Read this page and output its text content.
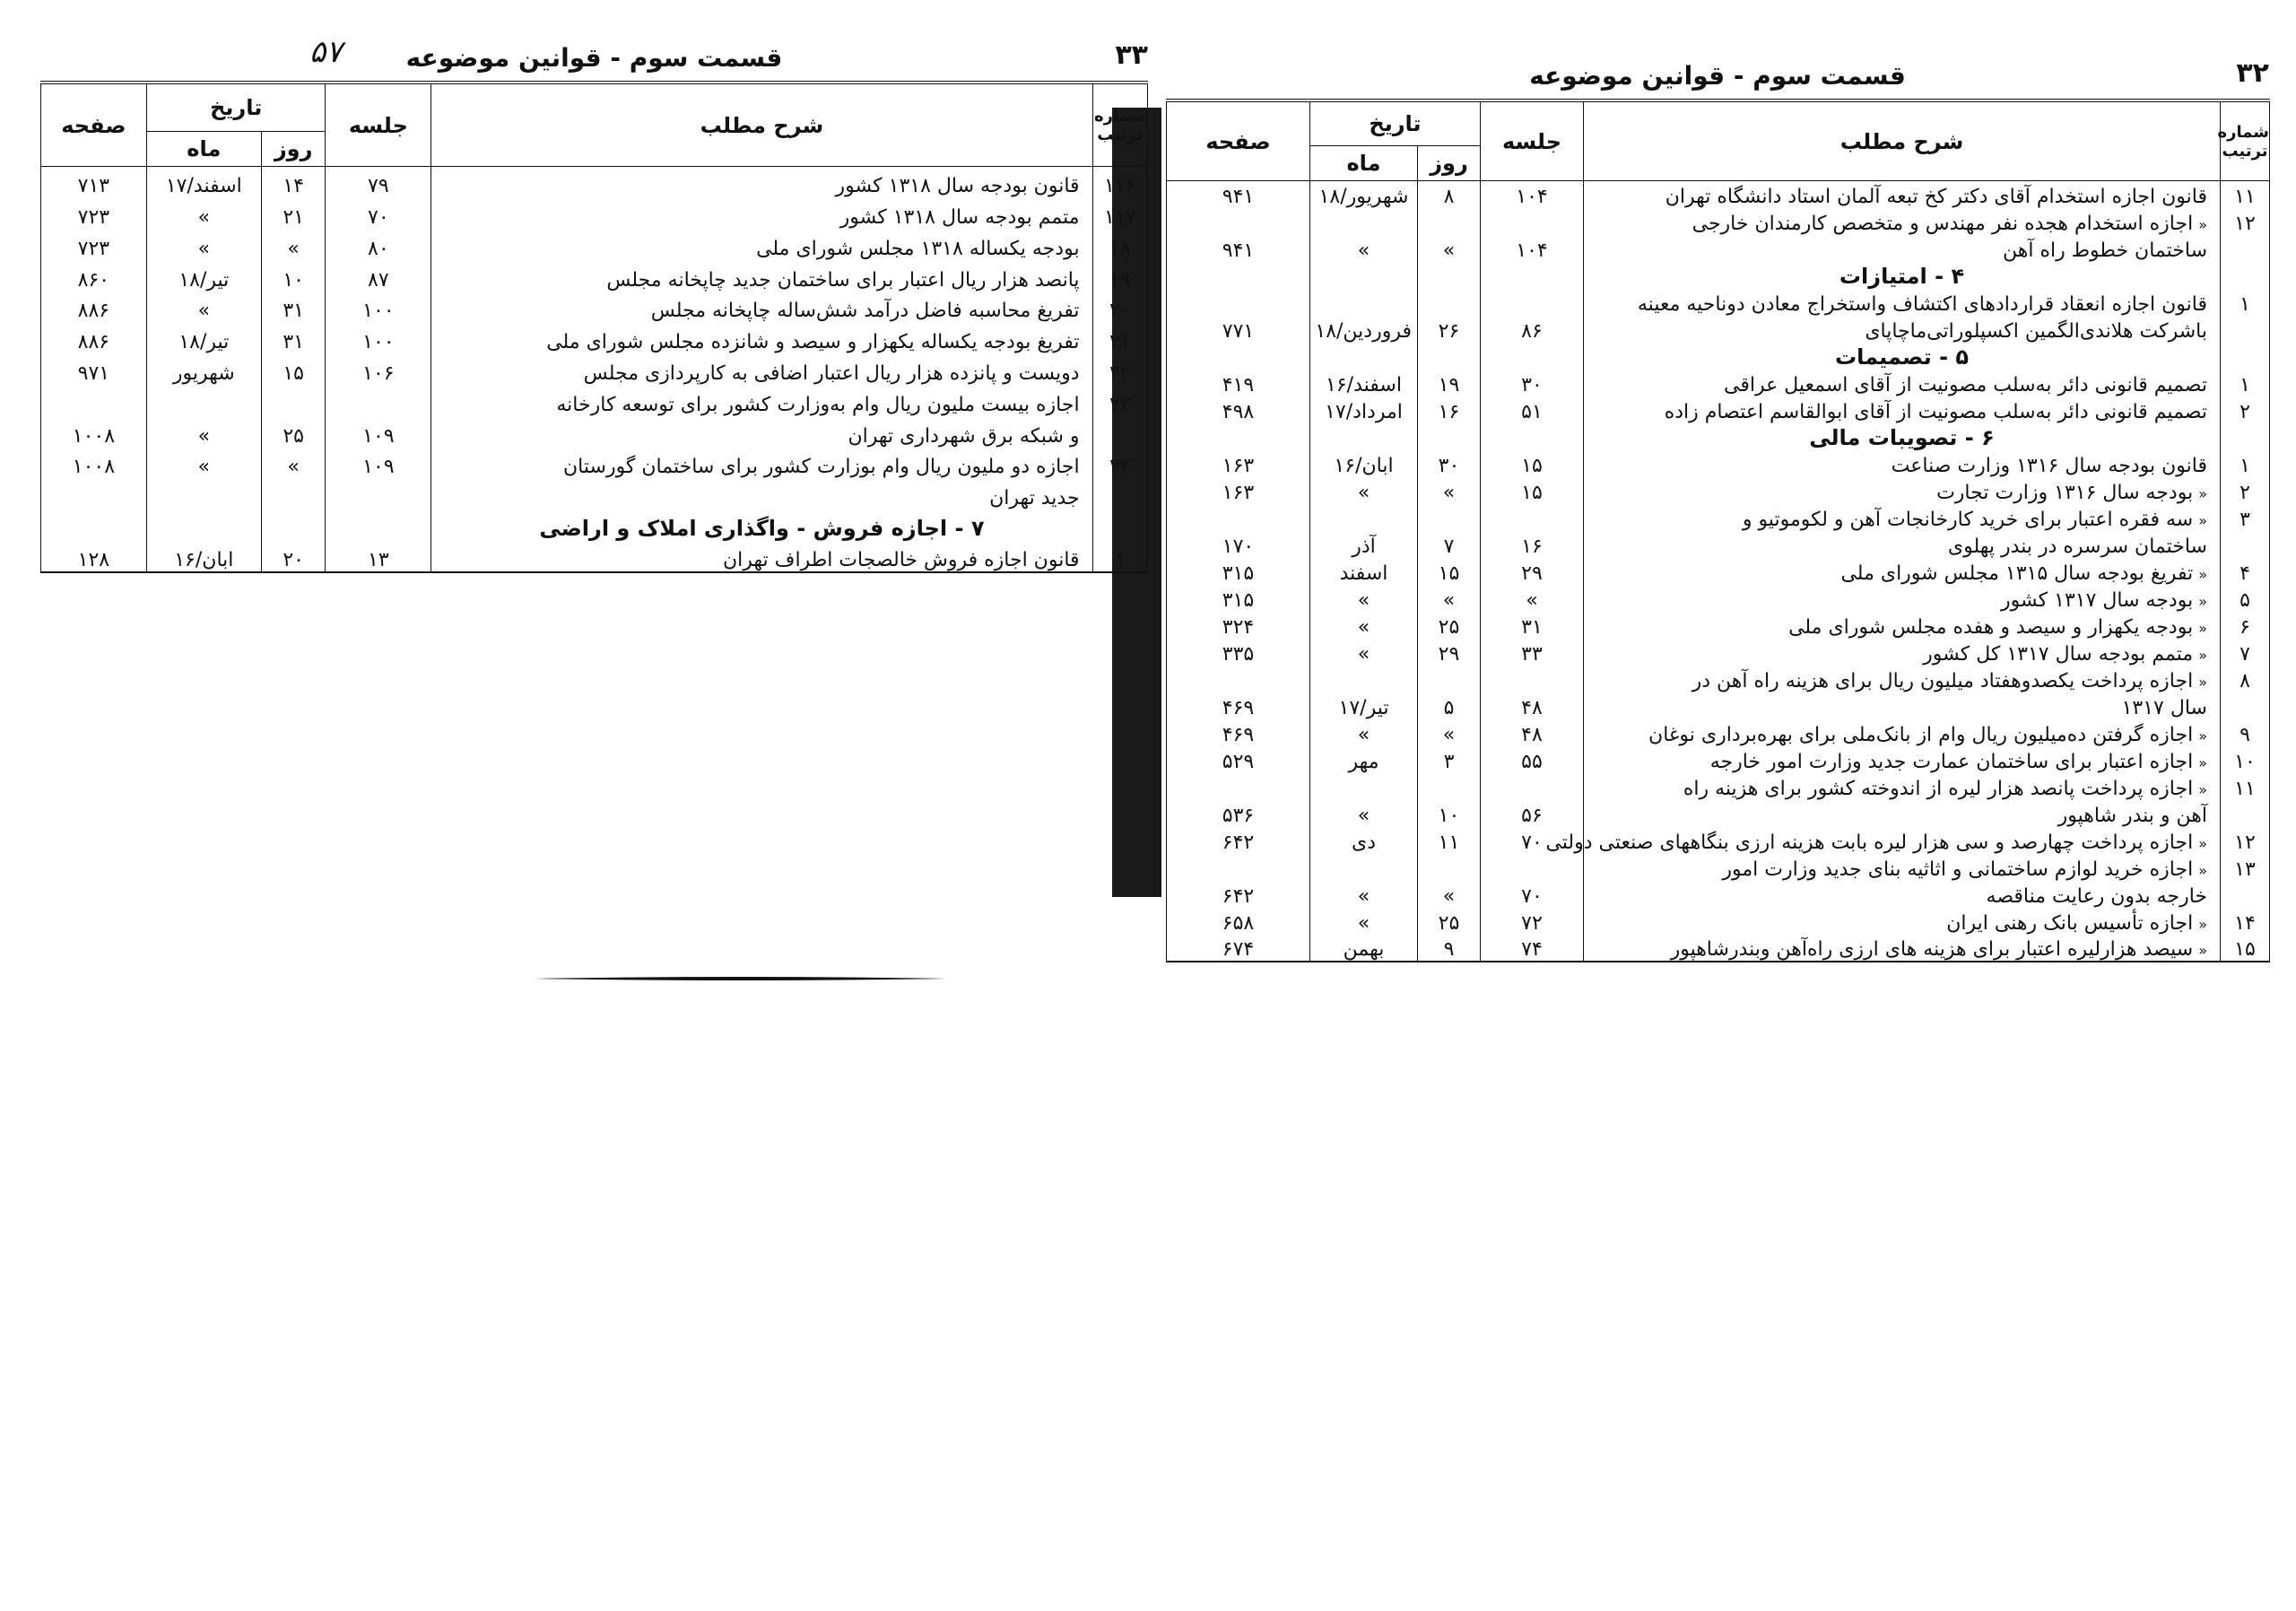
۵۷	قسمت سوم - قوانین موضوعه	۳۳
شماره ترتیب	شرح مطلب	جلسه	تاریخ		صفحه
			روز	ماه	
۱۱۶	قانون بودجه سال ۱۳۱۸ کشور	۷۹	۱۴	اسفند/۱۷	۷۱۳
۱۱۷	متمم بودجه سال ۱۳۱۸ کشور	۷۰	۲۱	»	۷۲۳
۱۸	بودجه یکساله ۱۳۱۸ مجلس شورای ملی	۸۰	»	»	۷۲۳
۱۹	پانصد هزار ریال اعتبار برای ساختمان جدید چاپخانه مجلس	۸۷	۱۰	تیر/۱۸	۸۶۰
۲۰	تفریغ محاسبه فاضل درآمد شش‌ساله چاپخانه مجلس	۱۰۰	۳۱	»	۸۸۶
۲۱	تفریغ بودجه یکساله یکهزار و سیصد و شانزده مجلس شورای ملی	۱۰۰	۳۱	تیر/۱۸	۸۸۶
۲۲	دویست و پانزده هزار ریال اعتبار اضافی به کارپردازی مجلس	۱۰۶	۱۵	شهریور	۹۷۱
۲۳	اجازه بیست ملیون ریال وام به‌وزارت کشور برای توسعه کارخانه				
	و شبکه برق شهرداری تهران	۱۰۹	۲۵	»	۱۰۰۸
۲۴	اجازه دو ملیون ریال وام بوزارت کشور برای ساختمان گورستان	۱۰۹	»	»	۱۰۰۸
	جدید تهران				
	۷ - اجازه فروش - واگذاری املاک و اراضی				
۱	قانون اجازه فروش خالصجات اطراف تهران	۱۳	۲۰	ابان/۱۶	۱۲۸
قسمت سوم - قوانین موضوعه	۳۲
شماره ترتیب	شرح مطلب	جلسه	تاریخ		صفحه
			روز	ماه	
۱۱	قانون اجازه استخدام آقای دکتر کخ تبعه آلمان استاد دانشگاه تهران	۱۰۴	۸	شهریور/۱۸	۹۴۱
۱۲	«اجازه استخدام هجده نفر مهندس و متخصص کارمندان خارجی				
	ساختمان خطوط راه آهن	۱۰۴	»	»	۹۴۱
	۴ - امتیازات				
۱	قانون اجازه انعقاد قراردادهای اکتشاف واستخراج معادن دوناحیه معینه				
	باشرکت هلاندی‌الگمین اکسپلوراتی‌ماچاپای	۸۶	۲۶	فروردین/۱۸	۷۷۱
	۵ - تصمیمات				
۱	تصمیم قانونی دائر به‌سلب مصونیت از آقای اسمعیل عراقی	۳۰	۱۹	اسفند/۱۶	۴۱۹
۲	تصمیم قانونی دائر به‌سلب مصونیت از آقای ابوالقاسم اعتصام زاده	۵۱	۱۶	امرداد/۱۷	۴۹۸
	۶ - تصویبات مالی				
۱	قانون بودجه سال ۱۳۱۶ وزارت صناعت	۱۵	۳۰	ابان/۱۶	۱۶۳
۲	«بودجه سال ۱۳۱۶ وزارت تجارت	۱۵	»	»	۱۶۳
۳	«سه فقره اعتبار برای خرید کارخانجات آهن و لکوموتیو و				
	ساختمان سرسره در بندر پهلوی	۱۶	۷	آذر	۱۷۰
۴	«تفریغ بودجه سال ۱۳۱۵ مجلس شورای ملی	۲۹	۱۵	اسفند	۳۱۵
۵	«بودجه سال ۱۳۱۷ کشور	»	»	»	۳۱۵
۶	«بودجه یکهزار و سیصد و هفده مجلس شورای ملی	۳۱	۲۵	»	۳۲۴
۷	«متمم بودجه سال ۱۳۱۷ کل کشور	۳۳	۲۹	»	۳۳۵
۸	«اجازه پرداخت یکصدوهفتاد میلیون ریال برای هزینه راه آهن در				
	سال ۱۳۱۷	۴۸	۵	تیر/۱۷	۴۶۹
۹	«اجازه گرفتن ده‌میلیون ریال وام از بانک‌ملی برای بهره‌برداری نوغان	۴۸	»	»	۴۶۹
۱۰	«اجازه اعتبار برای ساختمان عمارت جدید وزارت امور خارجه	۵۵	۳	مهر	۵۲۹
۱۱	«اجازه پرداخت پانصد هزار لیره از اندوخته کشور برای هزینه راه				
	آهن و بندر شاهپور	۵۶	۱۰	»	۵۳۶
۱۲	«اجازه پرداخت چهارصد و سی هزار لیره بابت هزینه ارزی بنگاههای صنعتی دولتی	۷۰	۱۱	دی	۶۴۲
۱۳	«اجازه خرید لوازم ساختمانی و اثاثیه بنای جدید وزارت امور				
	خارجه بدون رعایت مناقصه	۷۰	»	»	۶۴۲
۱۴	«اجازه تأسیس بانک رهنی ایران	۷۲	۲۵	»	۶۵۸
۱۵	«سیصد هزارلیره اعتبار برای هزینه های ارزی راه‌آهن وبندرشاهپور	۷۴	۹	بهمن	۶۷۴
